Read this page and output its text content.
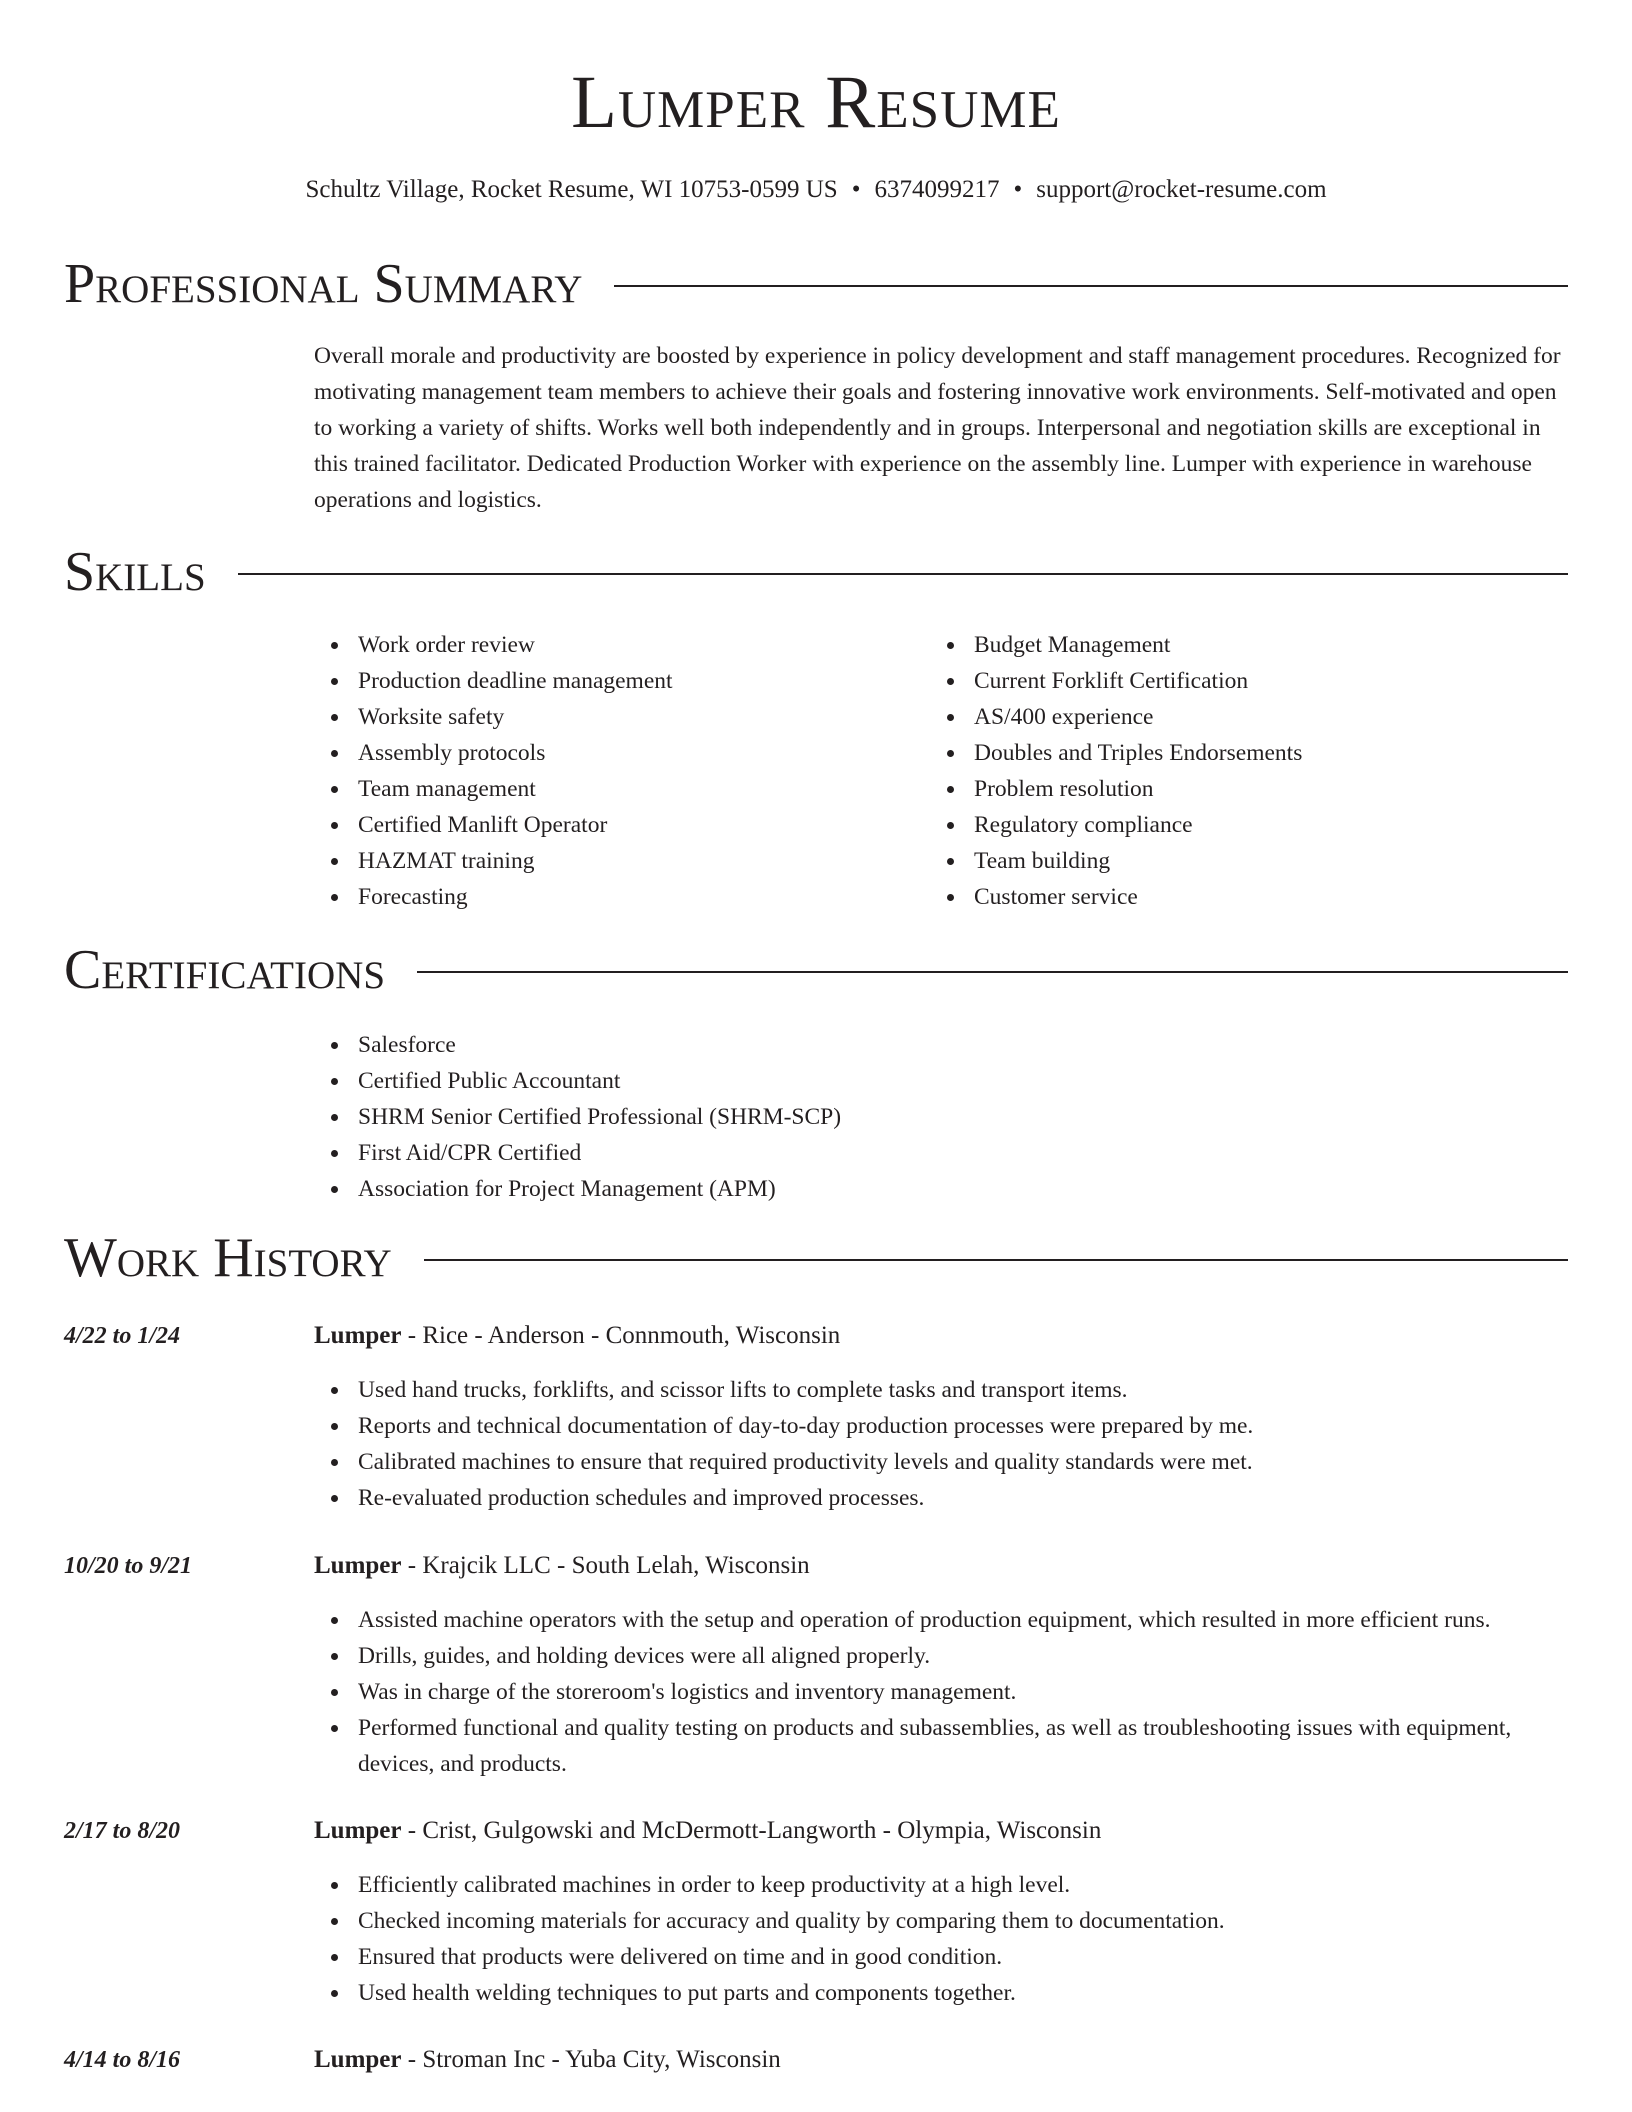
Lumper Resume
Schultz Village, Rocket Resume, WI 10753-0599 US • 6374099217 • support@rocket-resume.com
Professional Summary

Overall morale and productivity are boosted by experience in policy development and staff management procedures. Recognized for motivating management team members to achieve their goals and fostering innovative work environments. Self-motivated and open to working a variety of shifts. Works well both independently and in groups. Interpersonal and negotiation skills are exceptional in this trained facilitator. Dedicated Production Worker with experience on the assembly line. Lumper with experience in warehouse operations and logistics.

Skills
Work order review
Production deadline management
Worksite safety
Assembly protocols
Team management
Certified Manlift Operator
HAZMAT training
Forecasting
Budget Management
Current Forklift Certification
AS/400 experience
Doubles and Triples Endorsements
Problem resolution
Regulatory compliance
Team building
Customer service
Certifications
Salesforce
Certified Public Accountant
SHRM Senior Certified Professional (SHRM-SCP)
First Aid/CPR Certified
Association for Project Management (APM)
Work History
4/22 to 1/24	Lumper - Rice - Anderson - Connmouth, Wisconsin
Used hand trucks, forklifts, and scissor lifts to complete tasks and transport items.
Reports and technical documentation of day-to-day production processes were prepared by me.
Calibrated machines to ensure that required productivity levels and quality standards were met.
Re-evaluated production schedules and improved processes.
10/20 to 9/21	Lumper - Krajcik LLC - South Lelah, Wisconsin
Assisted machine operators with the setup and operation of production equipment, which resulted in more efficient runs.
Drills, guides, and holding devices were all aligned properly.
Was in charge of the storeroom's logistics and inventory management.
Performed functional and quality testing on products and subassemblies, as well as troubleshooting issues with equipment, devices, and products.
2/17 to 8/20	Lumper - Crist, Gulgowski and McDermott-Langworth - Olympia, Wisconsin
Efficiently calibrated machines in order to keep productivity at a high level.
Checked incoming materials for accuracy and quality by comparing them to documentation.
Ensured that products were delivered on time and in good condition.
Used health welding techniques to put parts and components together.
4/14 to 8/16	Lumper - Stroman Inc - Yuba City, Wisconsin
